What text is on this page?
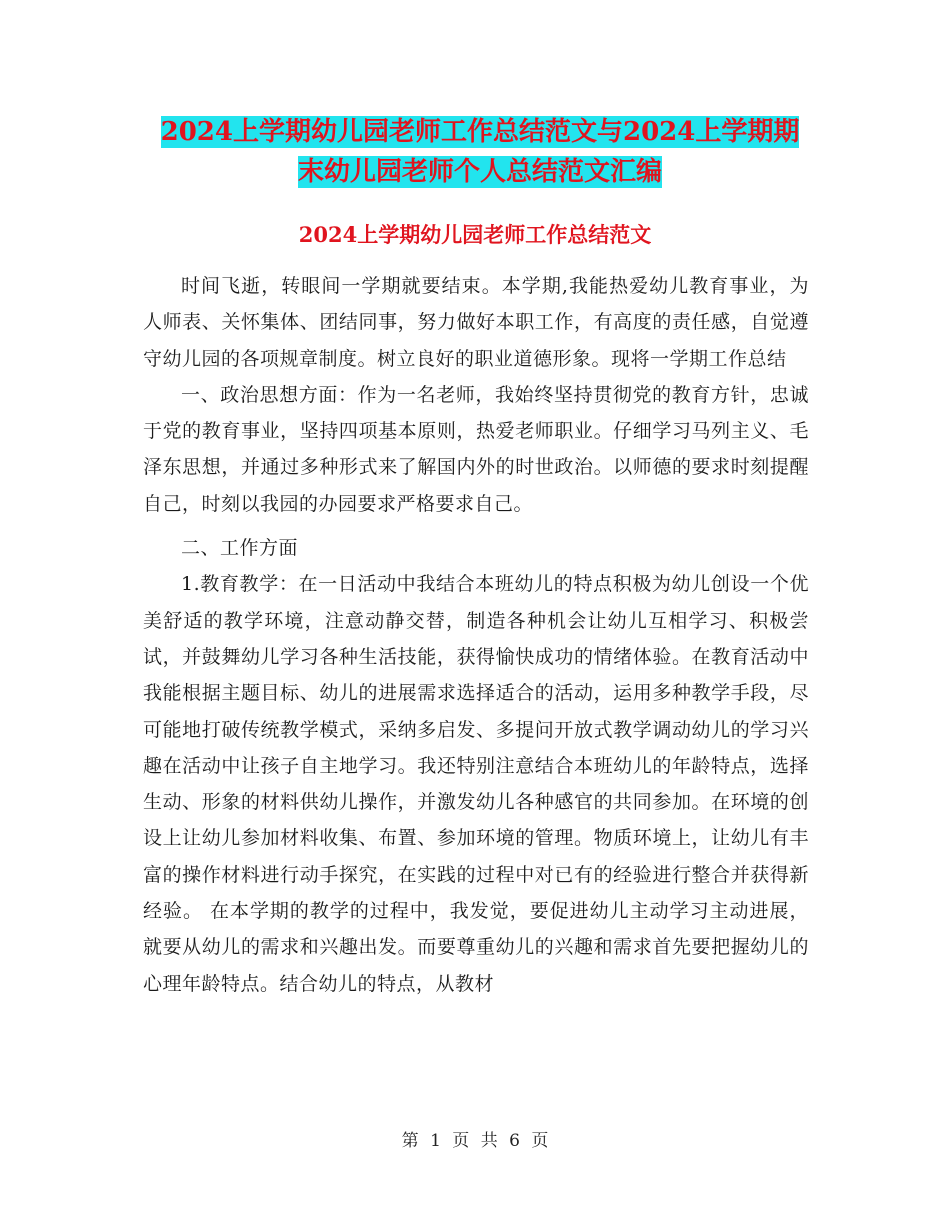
2024上学期幼儿园老师工作总结范文与2024上学期期
末幼儿园老师个人总结范文汇编
2024上学期幼儿园老师工作总结范文

时间飞逝，转眼间一学期就要结束。本学期,我能热爱幼儿教育事业，为人师表、关怀集体、团结同事，努力做好本职工作，有高度的责任感，自觉遵守幼儿园的各项规章制度。树立良好的职业道德形象。现将一学期工作总结

一、政治思想方面：作为一名老师，我始终坚持贯彻党的教育方针，忠诚于党的教育事业，坚持四项基本原则，热爱老师职业。仔细学习马列主义、毛泽东思想，并通过多种形式来了解国内外的时世政治。以师德的要求时刻提醒自己，时刻以我园的办园要求严格要求自己。

二、工作方面

1.教育教学：在一日活动中我结合本班幼儿的特点积极为幼儿创设一个优美舒适的教学环境，注意动静交替，制造各种机会让幼儿互相学习、积极尝试，并鼓舞幼儿学习各种生活技能，获得愉快成功的情绪体验。在教育活动中我能根据主题目标、幼儿的进展需求选择适合的活动，运用多种教学手段，尽可能地打破传统教学模式，采纳多启发、多提问开放式教学调动幼儿的学习兴趣在活动中让孩子自主地学习。我还特别注意结合本班幼儿的年龄特点，选择生动、形象的材料供幼儿操作，并激发幼儿各种感官的共同参加。在环境的创设上让幼儿参加材料收集、布置、参加环境的管理。物质环境上，让幼儿有丰富的操作材料进行动手探究，在实践的过程中对已有的经验进行整合并获得新经验。 在本学期的教学的过程中，我发觉，要促进幼儿主动学习主动进展，就要从幼儿的需求和兴趣出发。而要尊重幼儿的兴趣和需求首先要把握幼儿的心理年龄特点。结合幼儿的特点，从教材

第 1 页 共 6 页
